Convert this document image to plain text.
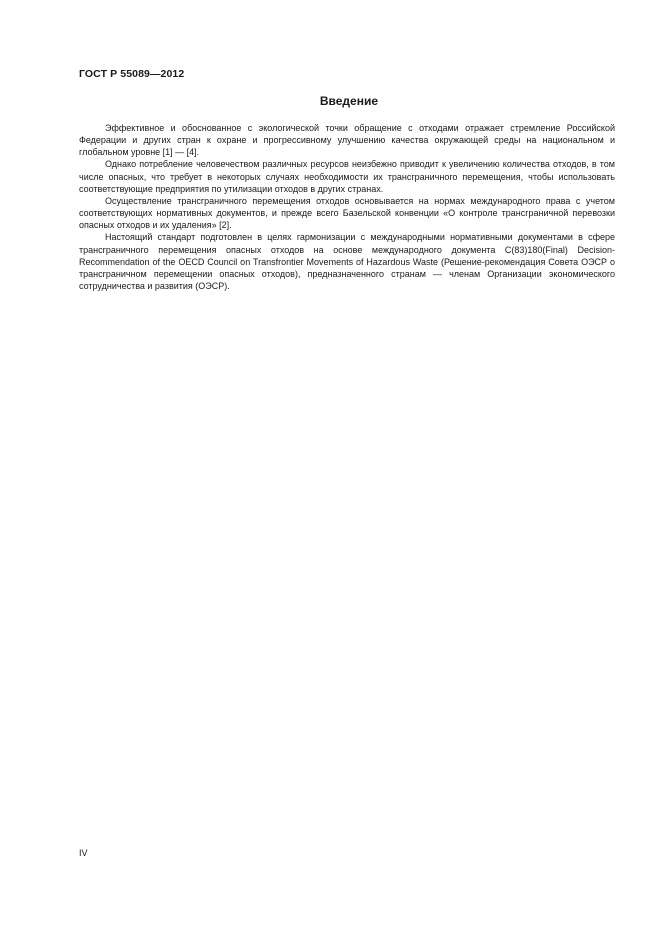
ГОСТ Р 55089—2012
Введение

Эффективное и обоснованное с экологической точки обращение с отходами отражает стремление Российской Федерации и других стран к охране и прогрессивному улучшению качества окружающей среды на национальном и глобальном уровне [1] — [4].

Однако потребление человечеством различных ресурсов неизбежно приводит к увеличению количества отходов, в том числе опасных, что требует в некоторых случаях необходимости их трансграничного перемещения, чтобы использовать соответствующие предприятия по утилизации отходов в других странах.

Осуществление трансграничного перемещения отходов основывается на нормах международного права с учетом соответствующих нормативных документов, и прежде всего Базельской конвенции «О контроле трансграничной перевозки опасных отходов и их удаления» [2].

Настоящий стандарт подготовлен в целях гармонизации с международными нормативными документами в сфере трансграничного перемещения опасных отходов на основе международного документа C(83)180(Final) Decision-Recommendation of the OECD Council on Transfrontier Movements of Hazardous Waste (Решение-рекомендация Совета ОЭСР о трансграничном перемещении опасных отходов), предназначенного странам — членам Организации экономического сотрудничества и развития (ОЭСР).

IV
